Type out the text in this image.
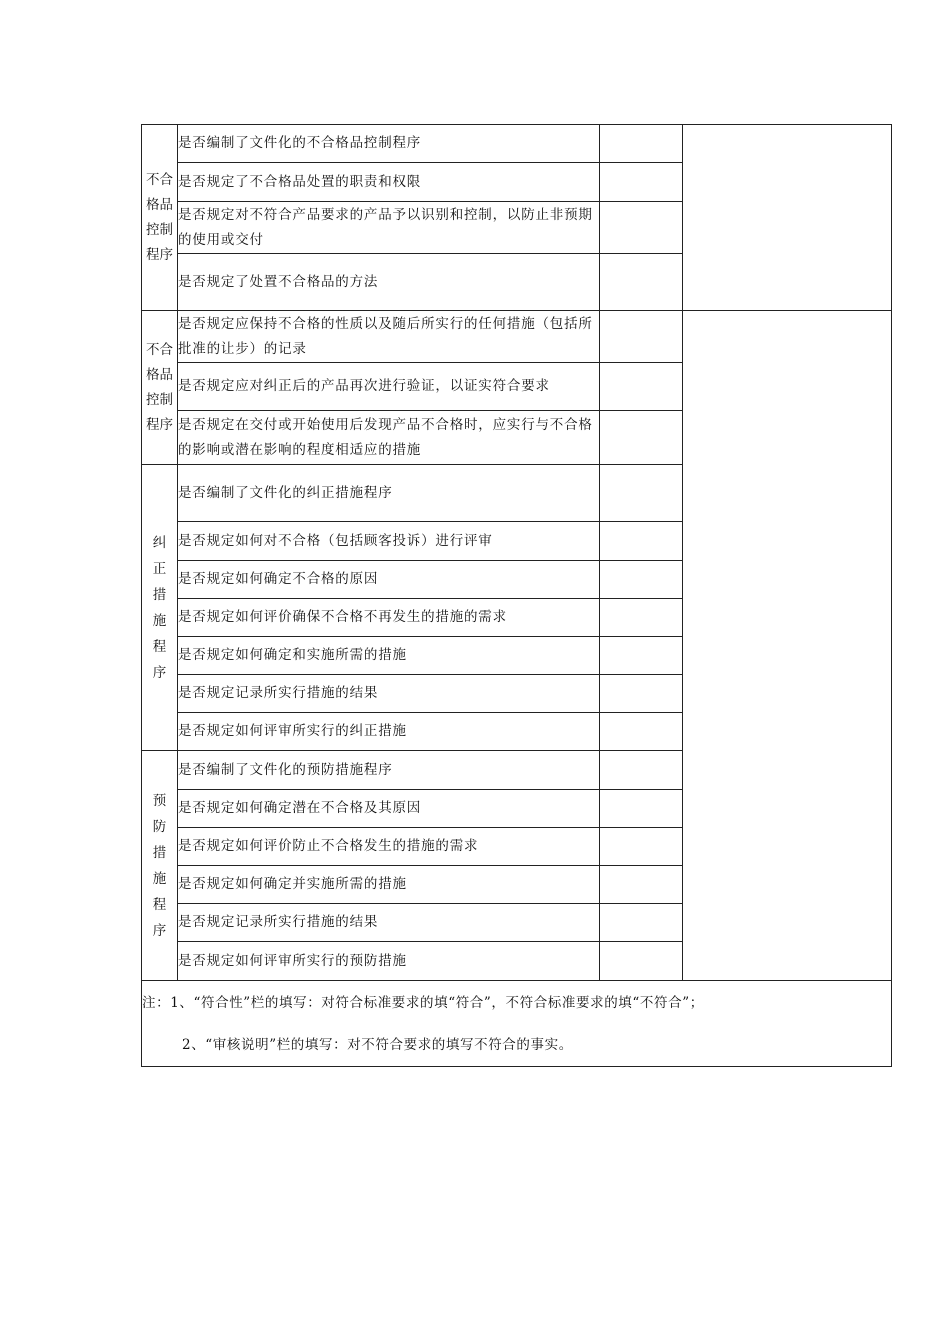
不合格品控制程序	是否编制了文件化的不合格品控制程序		
	是否规定了不合格品处置的职责和权限		
	是否规定对不符合产品要求的产品予以识别和控制，以防止非预期的使用或交付		
	是否规定了处置不合格品的方法		
不合格品控制程序	是否规定应保持不合格的性质以及随后所实行的任何措施（包括所批准的让步）的记录		
	是否规定应对纠正后的产品再次进行验证，以证实符合要求		
	是否规定在交付或开始使用后发现产品不合格时，应实行与不合格的影响或潜在影响的程度相适应的措施		
纠正措施程序	是否编制了文件化的纠正措施程序		
	是否规定如何对不合格（包括顾客投诉）进行评审		
	是否规定如何确定不合格的原因		
	是否规定如何评价确保不合格不再发生的措施的需求		
	是否规定如何确定和实施所需的措施		
	是否规定记录所实行措施的结果		
	是否规定如何评审所实行的纠正措施		
预防措施程序	是否编制了文件化的预防措施程序		
	是否规定如何确定潜在不合格及其原因		
	是否规定如何评价防止不合格发生的措施的需求		
	是否规定如何确定并实施所需的措施		
	是否规定记录所实行措施的结果		
	是否规定如何评审所实行的预防措施		

注：1、“符合性”栏的填写：对符合标准要求的填“符合”，不符合标准要求的填“不符合”；
2、“审核说明”栏的填写：对不符合要求的填写不符合的事实。			
